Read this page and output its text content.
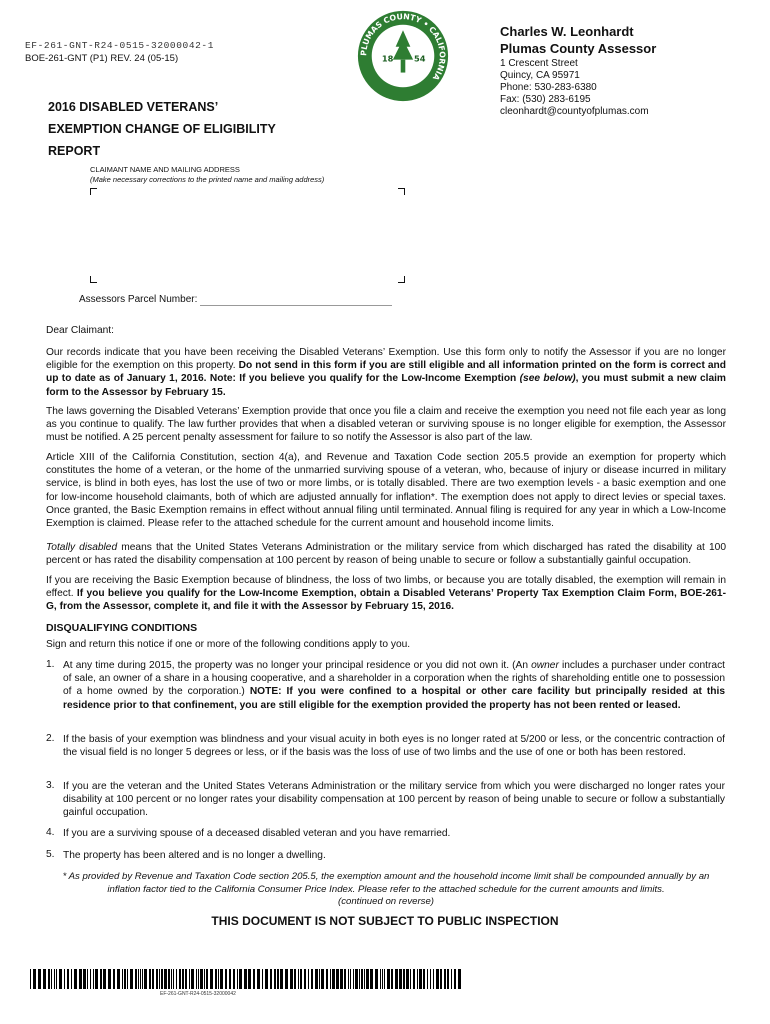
EF-261-GNT-R24-0515-32000042-1
BOE-261-GNT (P1) REV. 24 (05-15)
2016 DISABLED VETERANS’
EXEMPTION CHANGE OF ELIGIBILITY
REPORT
PLUMAS COUNTY • CALIFORNIA
18 54
Charles W. Leonhardt
Plumas County Assessor
1 Crescent Street
Quincy, CA 95971
Phone: 530-283-6380
Fax: (530) 283-6195
cleonhardt@countyofplumas.com
CLAIMANT NAME AND MAILING ADDRESS
(Make necessary corrections to the printed name and mailing address)
Assessors Parcel Number:
Dear Claimant:
Our records indicate that you have been receiving the Disabled Veterans’ Exemption. Use this form only to notify the Assessor if you are no longer eligible for the exemption on this property. Do not send in this form if you are still eligible and all information printed on the form is correct and up to date as of January 1, 2016. Note: If you believe you qualify for the Low-Income Exemption (see below), you must submit a new claim form to the Assessor by February 15.
The laws governing the Disabled Veterans’ Exemption provide that once you file a claim and receive the exemption you need not file each year as long as you continue to qualify. The law further provides that when a disabled veteran or surviving spouse is no longer eligible for exemption, the Assessor must be notified. A 25 percent penalty assessment for failure to so notify the Assessor is also part of the law.
Article XIII of the California Constitution, section 4(a), and Revenue and Taxation Code section 205.5 provide an exemption for property which constitutes the home of a veteran, or the home of the unmarried surviving spouse of a veteran, who, because of injury or disease incurred in military service, is blind in both eyes, has lost the use of two or more limbs, or is totally disabled. There are two exemption levels - a basic exemption and one for low-income household claimants, both of which are adjusted annually for inflation*. The exemption does not apply to direct levies or special taxes. Once granted, the Basic Exemption remains in effect without annual filing until terminated. Annual filing is required for any year in which a Low-Income Exemption is claimed. Please refer to the attached schedule for the current amount and household income limits.
Totally disabled means that the United States Veterans Administration or the military service from which discharged has rated the disability at 100 percent or has rated the disability compensation at 100 percent by reason of being unable to secure or follow a substantially gainful occupation.
If you are receiving the Basic Exemption because of blindness, the loss of two limbs, or because you are totally disabled, the exemption will remain in effect. If you believe you qualify for the Low-Income Exemption, obtain a Disabled Veterans’ Property Tax Exemption Claim Form, BOE-261-G, from the Assessor, complete it, and file it with the Assessor by February 15, 2016.
DISQUALIFYING CONDITIONS
Sign and return this notice if one or more of the following conditions apply to you.
1. At any time during 2015, the property was no longer your principal residence or you did not own it. (An owner includes a purchaser under contract of sale, an owner of a share in a housing cooperative, and a shareholder in a corporation when the rights of shareholding entitle one to possession of a home owned by the corporation.) NOTE: If you were confined to a hospital or other care facility but principally resided at this residence prior to that confinement, you are still eligible for the exemption provided the property has not been rented or leased.
2. If the basis of your exemption was blindness and your visual acuity in both eyes is no longer rated at 5/200 or less, or the concentric contraction of the visual field is no longer 5 degrees or less, or if the basis was the loss of use of two limbs and the use of one or both has been restored.
3. If you are the veteran and the United States Veterans Administration or the military service from which you were discharged no longer rates your disability at 100 percent or no longer rates your disability compensation at 100 percent by reason of being unable to secure or follow a substantially gainful occupation.
4. If you are a surviving spouse of a deceased disabled veteran and you have remarried.
5. The property has been altered and is no longer a dwelling.
* As provided by Revenue and Taxation Code section 205.5, the exemption amount and the household income limit shall be compounded annually by an inflation factor tied to the California Consumer Price Index. Please refer to the attached schedule for the current amounts and limits.
(continued on reverse)
THIS DOCUMENT IS NOT SUBJECT TO PUBLIC INSPECTION
EF-261-GNT-R24-0515-32000042
